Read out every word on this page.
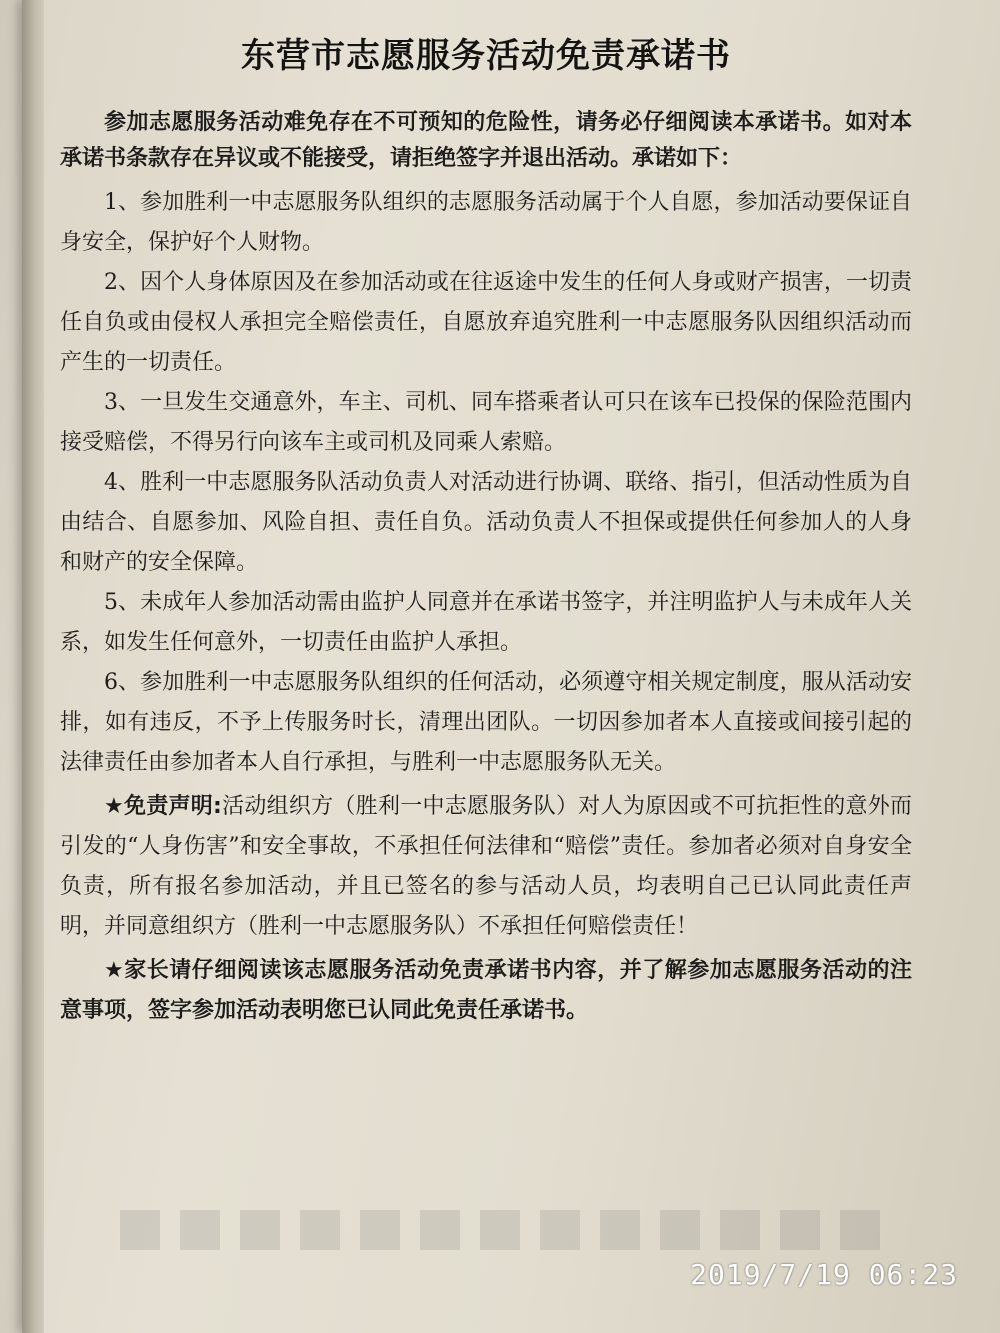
东营市志愿服务活动免责承诺书

参加志愿服务活动难免存在不可预知的危险性，请务必仔细阅读本承诺书。如对本承诺书条款存在异议或不能接受，请拒绝签字并退出活动。承诺如下：

1、参加胜利一中志愿服务队组织的志愿服务活动属于个人自愿，参加活动要保证自身安全，保护好个人财物。

2、因个人身体原因及在参加活动或在往返途中发生的任何人身或财产损害，一切责任自负或由侵权人承担完全赔偿责任，自愿放弃追究胜利一中志愿服务队因组织活动而产生的一切责任。

3、一旦发生交通意外，车主、司机、同车搭乘者认可只在该车已投保的保险范围内接受赔偿，不得另行向该车主或司机及同乘人索赔。

4、胜利一中志愿服务队活动负责人对活动进行协调、联络、指引，但活动性质为自由结合、自愿参加、风险自担、责任自负。活动负责人不担保或提供任何参加人的人身和财产的安全保障。

5、未成年人参加活动需由监护人同意并在承诺书签字，并注明监护人与未成年人关系，如发生任何意外，一切责任由监护人承担。

6、参加胜利一中志愿服务队组织的任何活动，必须遵守相关规定制度，服从活动安排，如有违反，不予上传服务时长，清理出团队。一切因参加者本人直接或间接引起的法律责任由参加者本人自行承担，与胜利一中志愿服务队无关。

★免责声明:活动组织方（胜利一中志愿服务队）对人为原因或不可抗拒性的意外而引发的“人身伤害”和安全事故，不承担任何法律和“赔偿”责任。参加者必须对自身安全负责，所有报名参加活动，并且已签名的参与活动人员，均表明自己已认同此责任声明，并同意组织方（胜利一中志愿服务队）不承担任何赔偿责任！

★家长请仔细阅读该志愿服务活动免责承诺书内容，并了解参加志愿服务活动的注意事项，签字参加活动表明您已认同此免责任承诺书。

2019/7/19 06:23
